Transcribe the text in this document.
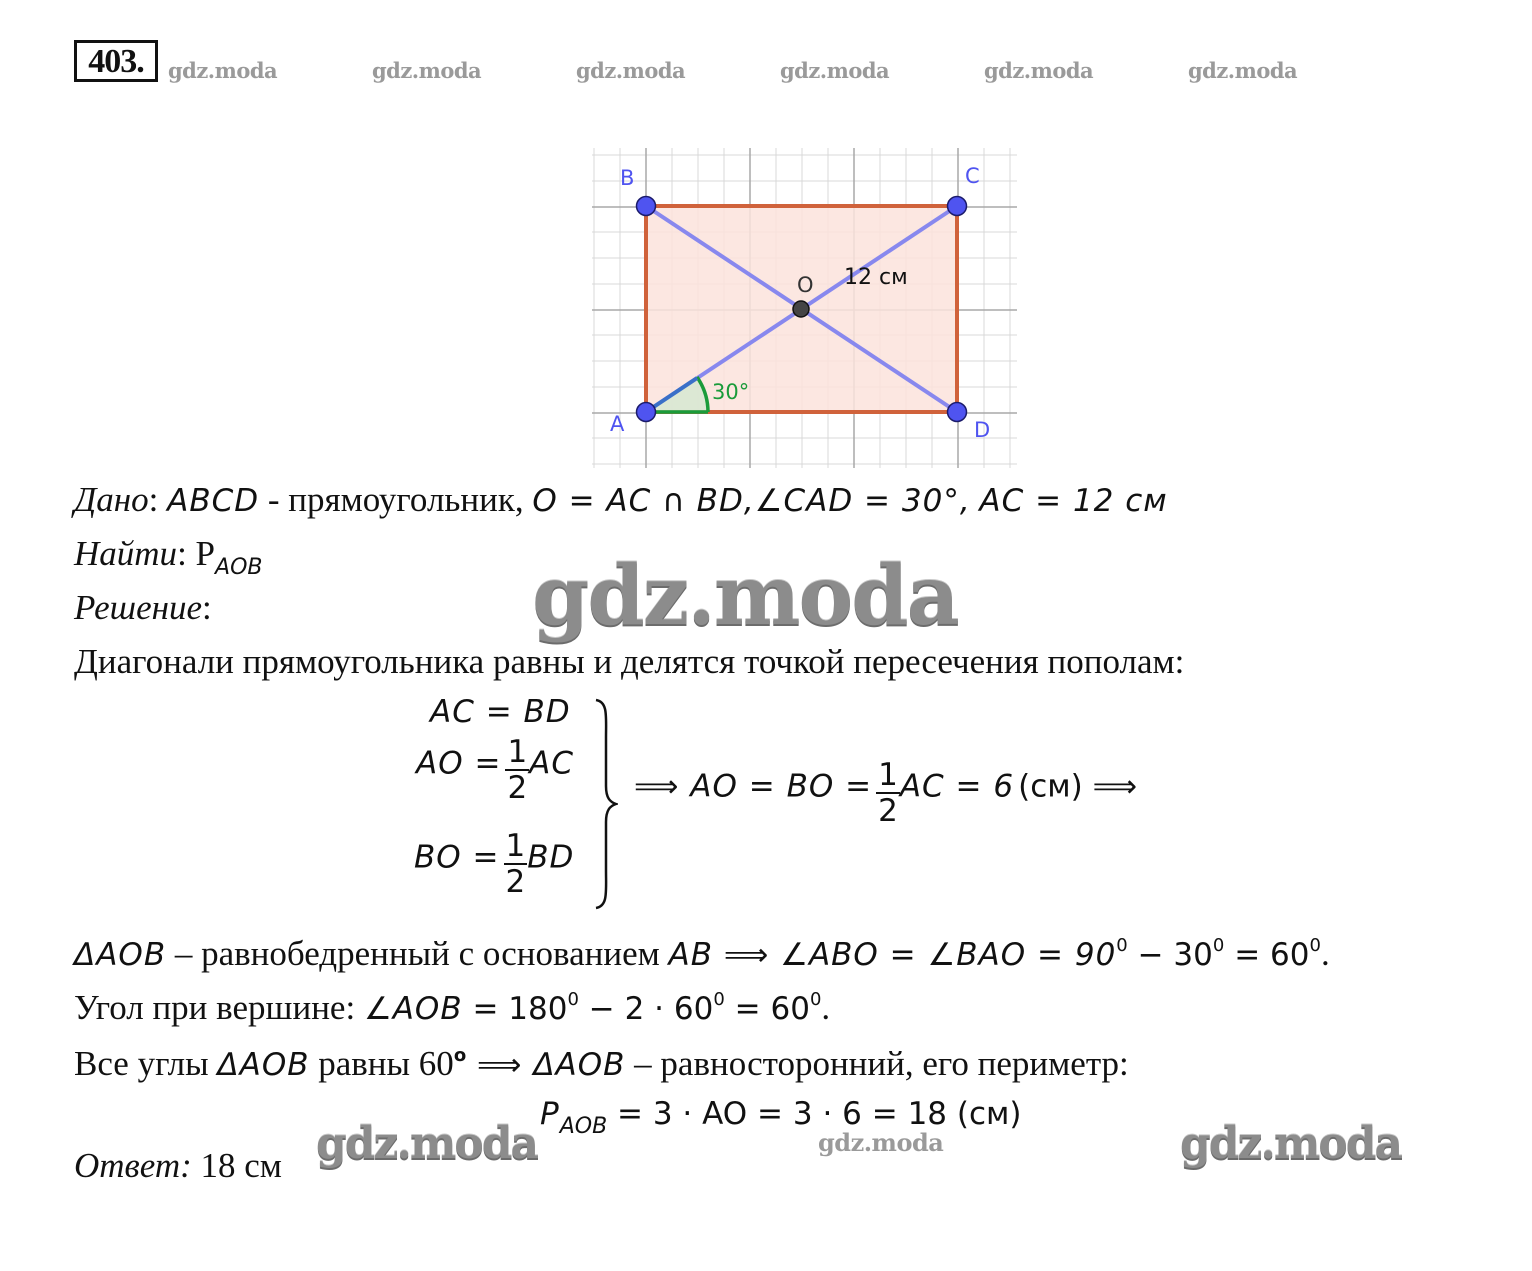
403.	gdz.moda	gdz.moda	gdz.moda	gdz.moda	gdz.moda	gdz.moda
B	C
A	D
O 12 см
30°
Дано: ABCD - прямоугольник, O = AC ∩ BD,∠CAD = 30°, AC = 12 см
Найти: $P_{AOB}$
Решение:	gdz.moda
Диагонали прямоугольника равны и делятся точкой пересечения пополам:
AC = BD
AO = $\frac{1}{2}$ AC
BO = $\frac{1}{2}$ BD
⟹ AO = BO = $\frac{1}{2}$ AC = 6 (см) ⟹
ΔAOB – равнобедренный с основанием AB ⟹ ∠ABO = ∠BAO = $90^0 - 30^0 = 60^0$.
Угол при вершине: ∠AOB = $180^0 - 2 \cdot 60^0 = 60^0$.
Все углы ΔAOB равны 60$^o$ ⟹ ΔAOB – равносторонний, его периметр:
PAOB = 3 · AO = 3 · 6 = 18 (см)
gdz.moda	gdz.moda	gdz.moda
Ответ: 18 см
